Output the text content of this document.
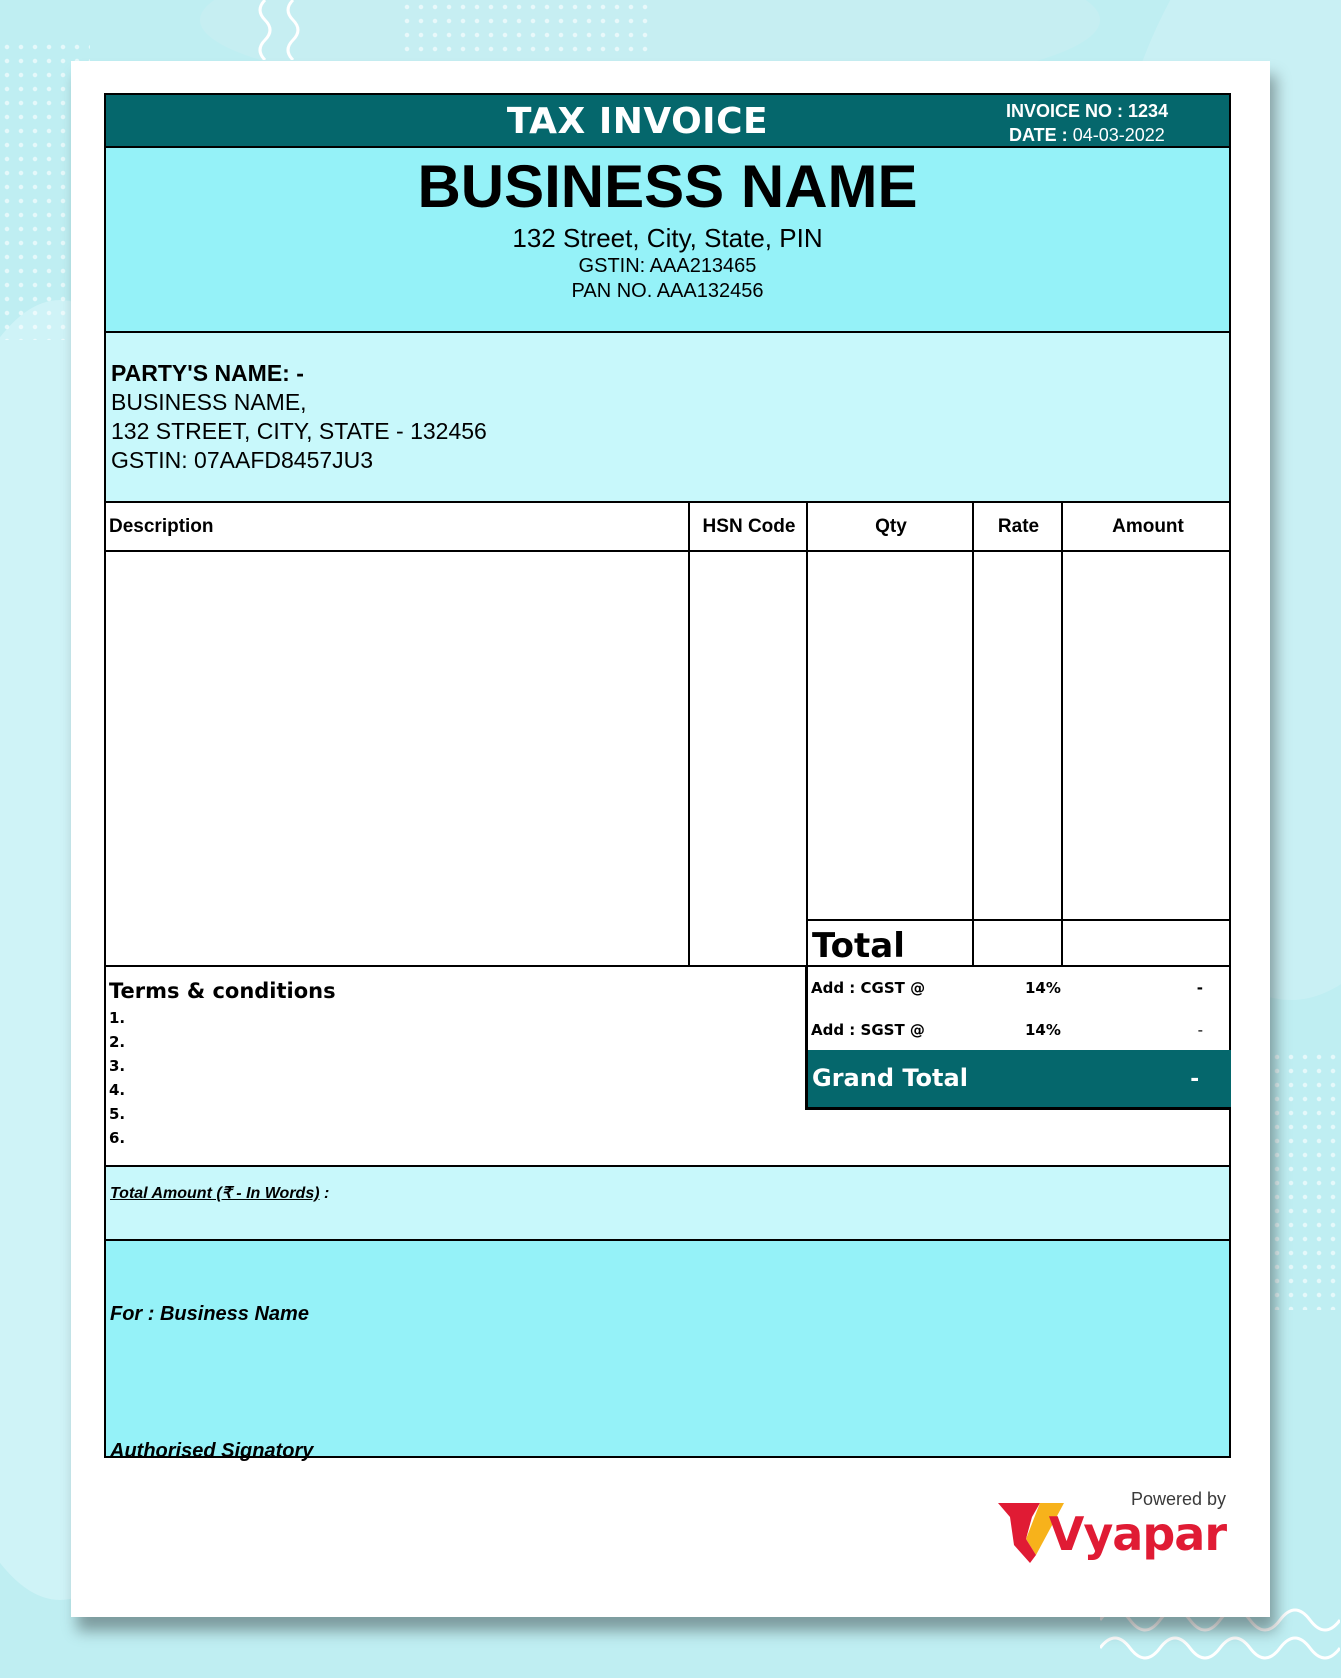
TAX INVOICE	INVOICE NO : 1234
DATE : 04-03-2022
BUSINESS NAME
132 Street, City, State, PIN
GSTIN: AAA213465
PAN NO. AAA132456
PARTY'S NAME: -
BUSINESS NAME,
132 STREET, CITY, STATE - 132456
GSTIN: 07AAFD8457JU3
Description	HSN Code	Qty	Rate	Amount
Total
Terms & conditions
1.
2.
3.
4.
5.
6.
Add : CGST @	14%	-
Add : SGST @	14%	-
Grand Total	-
Total Amount (₹ - In Words) :
For : Business Name
Authorised Signatory
Powered by
Vyapar
